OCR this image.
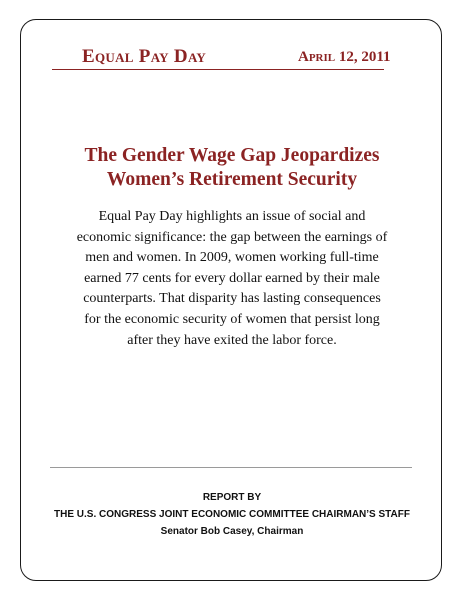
Equal Pay Day	April 12, 2011
The Gender Wage Gap Jeopardizes
Women’s Retirement Security
Equal Pay Day highlights an issue of social and
economic significance: the gap between the earnings of
men and women. In 2009, women working full-time
earned 77 cents for every dollar earned by their male
counterparts. That disparity has lasting consequences
for the economic security of women that persist long
after they have exited the labor force.
REPORT BY
THE U.S. CONGRESS JOINT ECONOMIC COMMITTEE CHAIRMAN’S STAFF
Senator Bob Casey, Chairman
